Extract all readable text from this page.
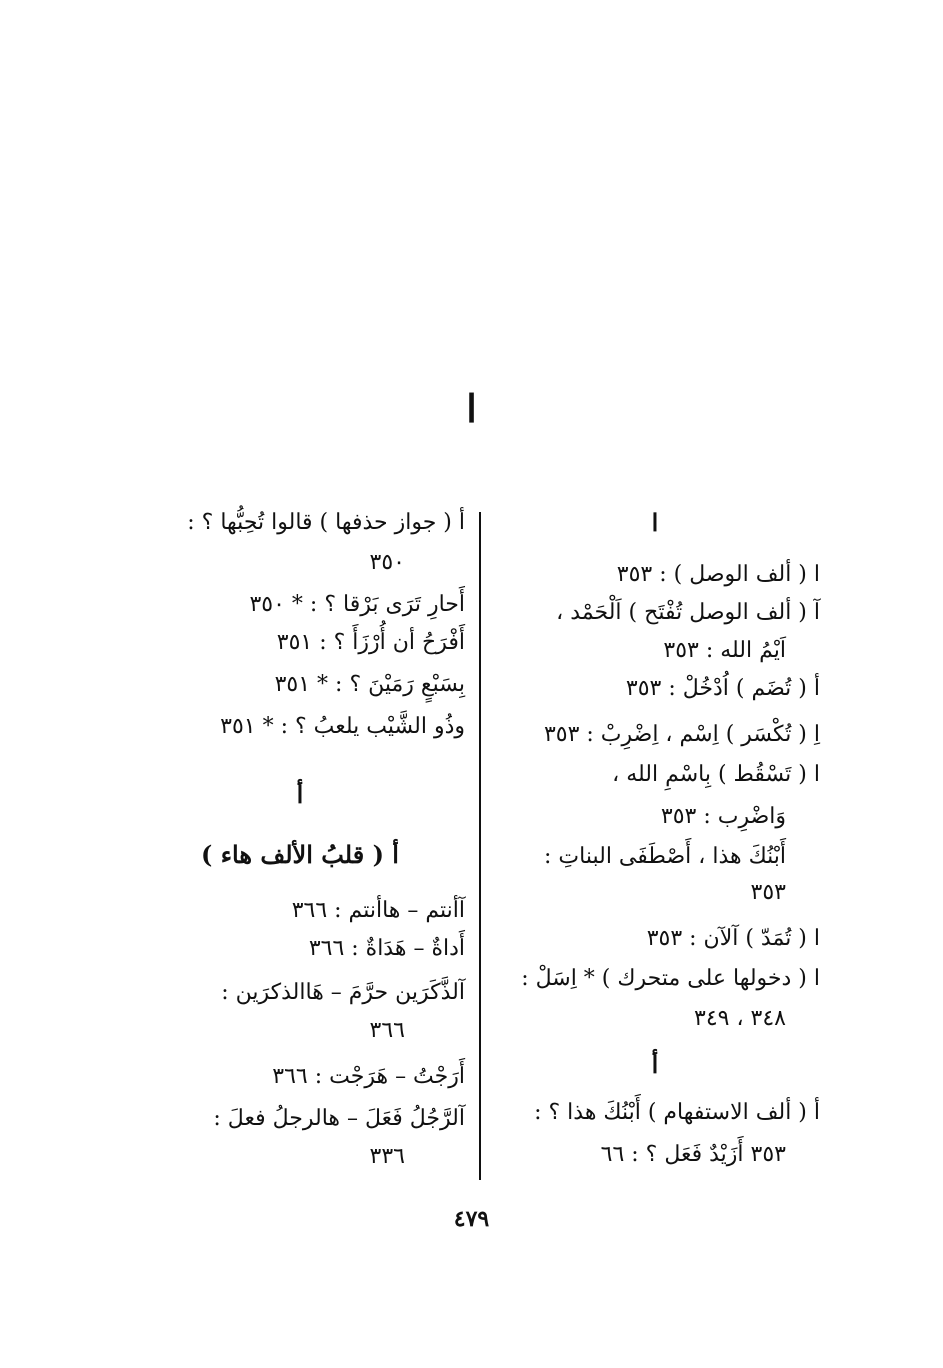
ا
ا
ا ( ألف الوصل ) : ٣٥٣
آ ( ألف الوصل تُفْتَح ) اَلْحَمْد ،
اَيْمُ الله : ٣٥٣
أ ( تُضَم ) اُدْخُلْ : ٣٥٣
اِ ( تُكْسَر ) اِسْم ، اِضْرِبْ : ٣٥٣
ا ( تَسْقُط ) بِاسْمِ الله ،
وَاضْرِب : ٣٥٣
أَبْنُكَ هذا ، أَصْطَفَى البناتِ :
٣٥٣
ا ( تُمَدّ ) آلآن : ٣٥٣
ا ( دخولها على متحرك ) * اِسَلْ :
٣٤٨ ، ٣٤٩
أ
أ ( ألف الاستفهام ) أَبْنُكَ هذا ؟ :
٣٥٣ أَزَيْدٌ فَعَل ؟ : ٦٦
أ ( جواز حذفها ) قالوا تُحِبُّها ؟ :
٣٥٠
أَحارِ تَرَى بَرْقا ؟ : * ٣٥٠
أَفْرَحُ أن أُرْزَأَ ؟ : ٣٥١
بِسَبْعٍ رَمَيْنَ ؟ : * ٣٥١
وذُو الشَّيْب يلعبُ ؟ : * ٣٥١
أ
أ ( قلبُ الألف هاء )
آأنتم – هاأنتم : ٣٦٦
أَداةٌ – هَدَاةٌ : ٣٦٦
آلذَّكَرَين حرَّمَ – هَاالذكرَين :
٣٦٦
أَرَجْتُ – هَرَجْت : ٣٦٦
آلرَّجُلُ فَعَلَ – هالرجلُ فعلَ :
٣٣٦
٤٧٩
